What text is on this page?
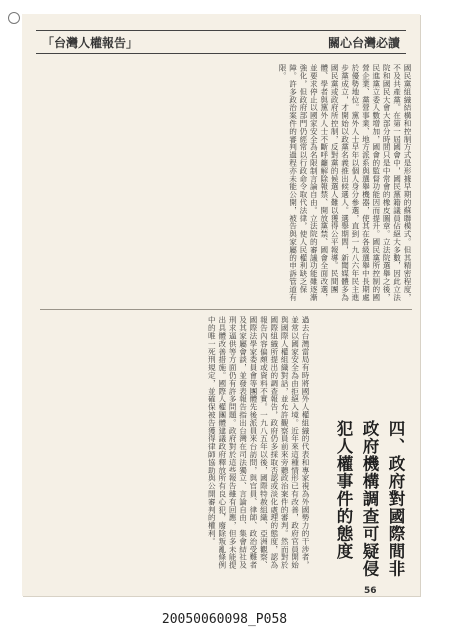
「台灣人權報告」	關心台灣必讀
國民黨組織結構和控制方式是形據早期的蘇聯模式。但其精密程度，不及共產黨。在第一屆國會中，國民黨籍議員佔絕大多數，因此立法院和國民大會大部分時間只是中常會的橡皮圖章。立法院選舉之後，民進黨立委人數增加，國會的監督功能因而提升。國民黨所控制的國營企業、黨營事業、地方派系與選舉機器，使其在各級選舉中長期處於優勢地位。黨外人士早年以個人身分參選，直到一九八六年民主進步黨成立，才開始以政黨名義推出候選人。選舉期間，新聞媒體多為國民黨或政府所控制，反對黨的候選人難以獲得公平報導。民間團體、學者與黨外人士不斷呼籲解除報禁、開放黨禁、國會全面改選，並要求停止以國家安全為名限制言論自由。立法院的審議功能雖逐漸強化，但政府部門仍經常以行政命令取代法律，使人民權利缺乏保障。許多政治案件的審判過程亦未能公開，被告與家屬的申訴管道有限。
過去台灣當局有時將國外人權組織的代表和專家視為外國勢力的干涉者，並常以國家安全為由拒絕入境。近年來這種情形已有改善，政府官員開始與國際人權組織對話，並允許觀察員前來旁聽政治案件的審判。然而對於國際組織所提出的調查報告，政府仍多採取否認或淡化處理的態度，認為報告內容偏頗或資料不實。一九八五年以後，國際特赦組織、亞洲觀察、國際法學家委員會等團體先後派員來台訪問，與官員、律師、政治受難者及其家屬會談，並發表報告指出台灣在司法獨立、言論自由、集會結社及刑求逼供等方面仍有許多問題。政府對於這些報告雖有回應，但多未能提出具體改善措施。國際人權團體建議政府釋放所有良心犯，廢除叛亂條例中的唯一死刑規定，並確保被告獲得律師協助與公開審判的權利。	四、政府對國際間非政府機構調查可疑侵犯人權事件的態度
56
20050060098_P058
